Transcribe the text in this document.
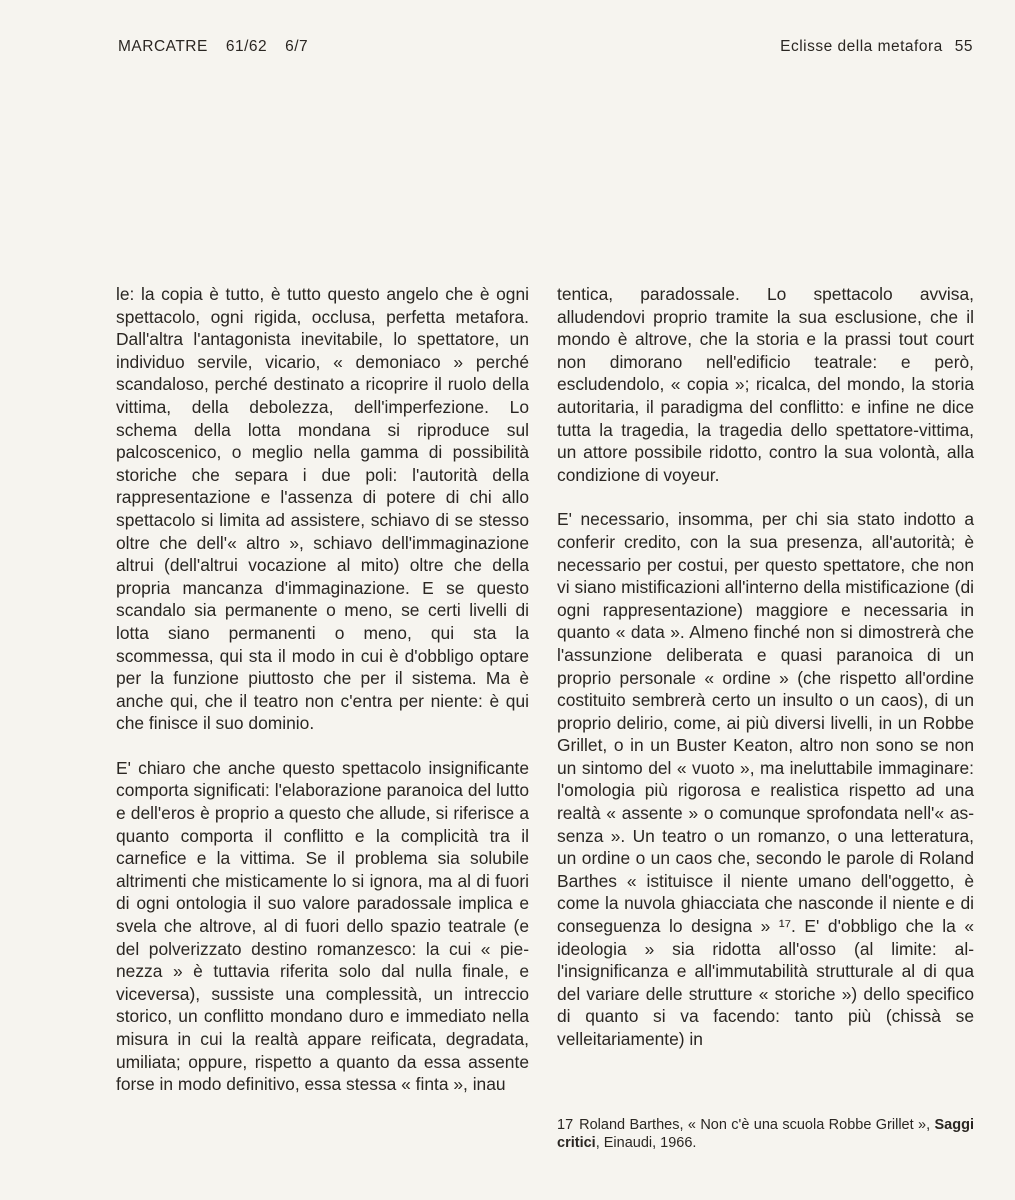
MARCATRE 61/62 6/7	Eclisse della metafora 55

le: la copia è tutto, è tutto questo angelo che è ogni spettacolo, ogni rigida, occlusa, perfetta metafora. Dall'altra l'antagonista inevitabile, lo spettatore, un individuo servile, vicario, « demoniaco » perché scandaloso, perché destinato a ricoprire il ruolo della vittima, della debolezza, dell'imperfezione. Lo schema della lotta mondana si riproduce sul palcoscenico, o meglio nella gamma di possibilità storiche che separa i due poli: l'autorità della rappresentazione e l'assenza di potere di chi allo spettacolo si limita ad assistere, schiavo di se stesso oltre che dell'« altro », schiavo dell'immaginazione altrui (dell'altrui vocazione al mito) oltre che della propria mancanza d'immaginazione. E se questo scandalo sia permanente o meno, se certi livelli di lotta siano permanenti o meno, qui sta la scommessa, qui sta il modo in cui è d'obbligo optare per la funzione piuttosto che per il sistema. Ma è anche qui, che il teatro non c'entra per niente: è qui che finisce il suo dominio.

E' chiaro che anche questo spettacolo insignificante comporta significati: l'elaborazione paranoica del lutto e dell'eros è proprio a questo che allude, si riferisce a quanto comporta il conflitto e la complicità tra il carnefice e la vittima. Se il problema sia solubile altrimenti che misticamente lo si ignora, ma al di fuori di ogni ontologia il suo valore paradossale implica e svela che altrove, al di fuori dello spazio teatrale (e del polverizzato destino romanzesco: la cui « pienezza » è tuttavia riferita solo dal nulla finale, e viceversa), sussiste una complessità, un intreccio storico, un conflitto mondano duro e immediato nella misura in cui la realtà appare reificata, degradata, umiliata; oppure, rispetto a quanto da essa assente forse in modo definitivo, essa stessa « finta », inau

tentica, paradossale. Lo spettacolo avvisa, alludendovi proprio tramite la sua esclusione, che il mondo è altrove, che la storia e la prassi tout court non dimorano nell'edificio teatrale: e però, escludendolo, « copia »; ricalca, del mondo, la storia autoritaria, il paradigma del conflitto: e infine ne dice tutta la tragedia, la tragedia dello spettatore-vittima, un attore possibile ridotto, contro la sua volontà, alla condizione di voyeur.

E' necessario, insomma, per chi sia stato indotto a conferir credito, con la sua presenza, all'autorità; è necessario per costui, per questo spettatore, che non vi siano mistificazioni all'interno della mistificazione (di ogni rappresentazione) maggiore e necessaria in quanto « data ». Almeno finché non si dimostrerà che l'assunzione deliberata e quasi paranoica di un proprio personale « ordine » (che rispetto all'ordine costituito sembrerà certo un insulto o un caos), di un proprio delirio, come, ai più diversi livelli, in un Robbe Grillet, o in un Buster Keaton, altro non sono se non un sintomo del « vuoto », ma ineluttabile immaginare: l'omologia più rigorosa e realistica rispetto ad una realtà « assente » o comunque sprofondata nell'« assenza ». Un teatro o un romanzo, o una letteratura, un ordine o un caos che, secondo le parole di Roland Barthes « istituisce il niente umano dell'oggetto, è come la nuvola ghiacciata che nasconde il niente e di conseguenza lo designa » ¹⁷. E' d'obbligo che la « ideologia » sia ridotta all'osso (al limite: all'insignificanza e all'immutabilità strutturale al di qua del variare delle strutture « storiche ») dello specifico di quanto si va facendo: tanto più (chissà se velleitariamente) in

17 Roland Barthes, « Non c'è una scuola Robbe Grillet », Saggi critici, Einaudi, 1966.
